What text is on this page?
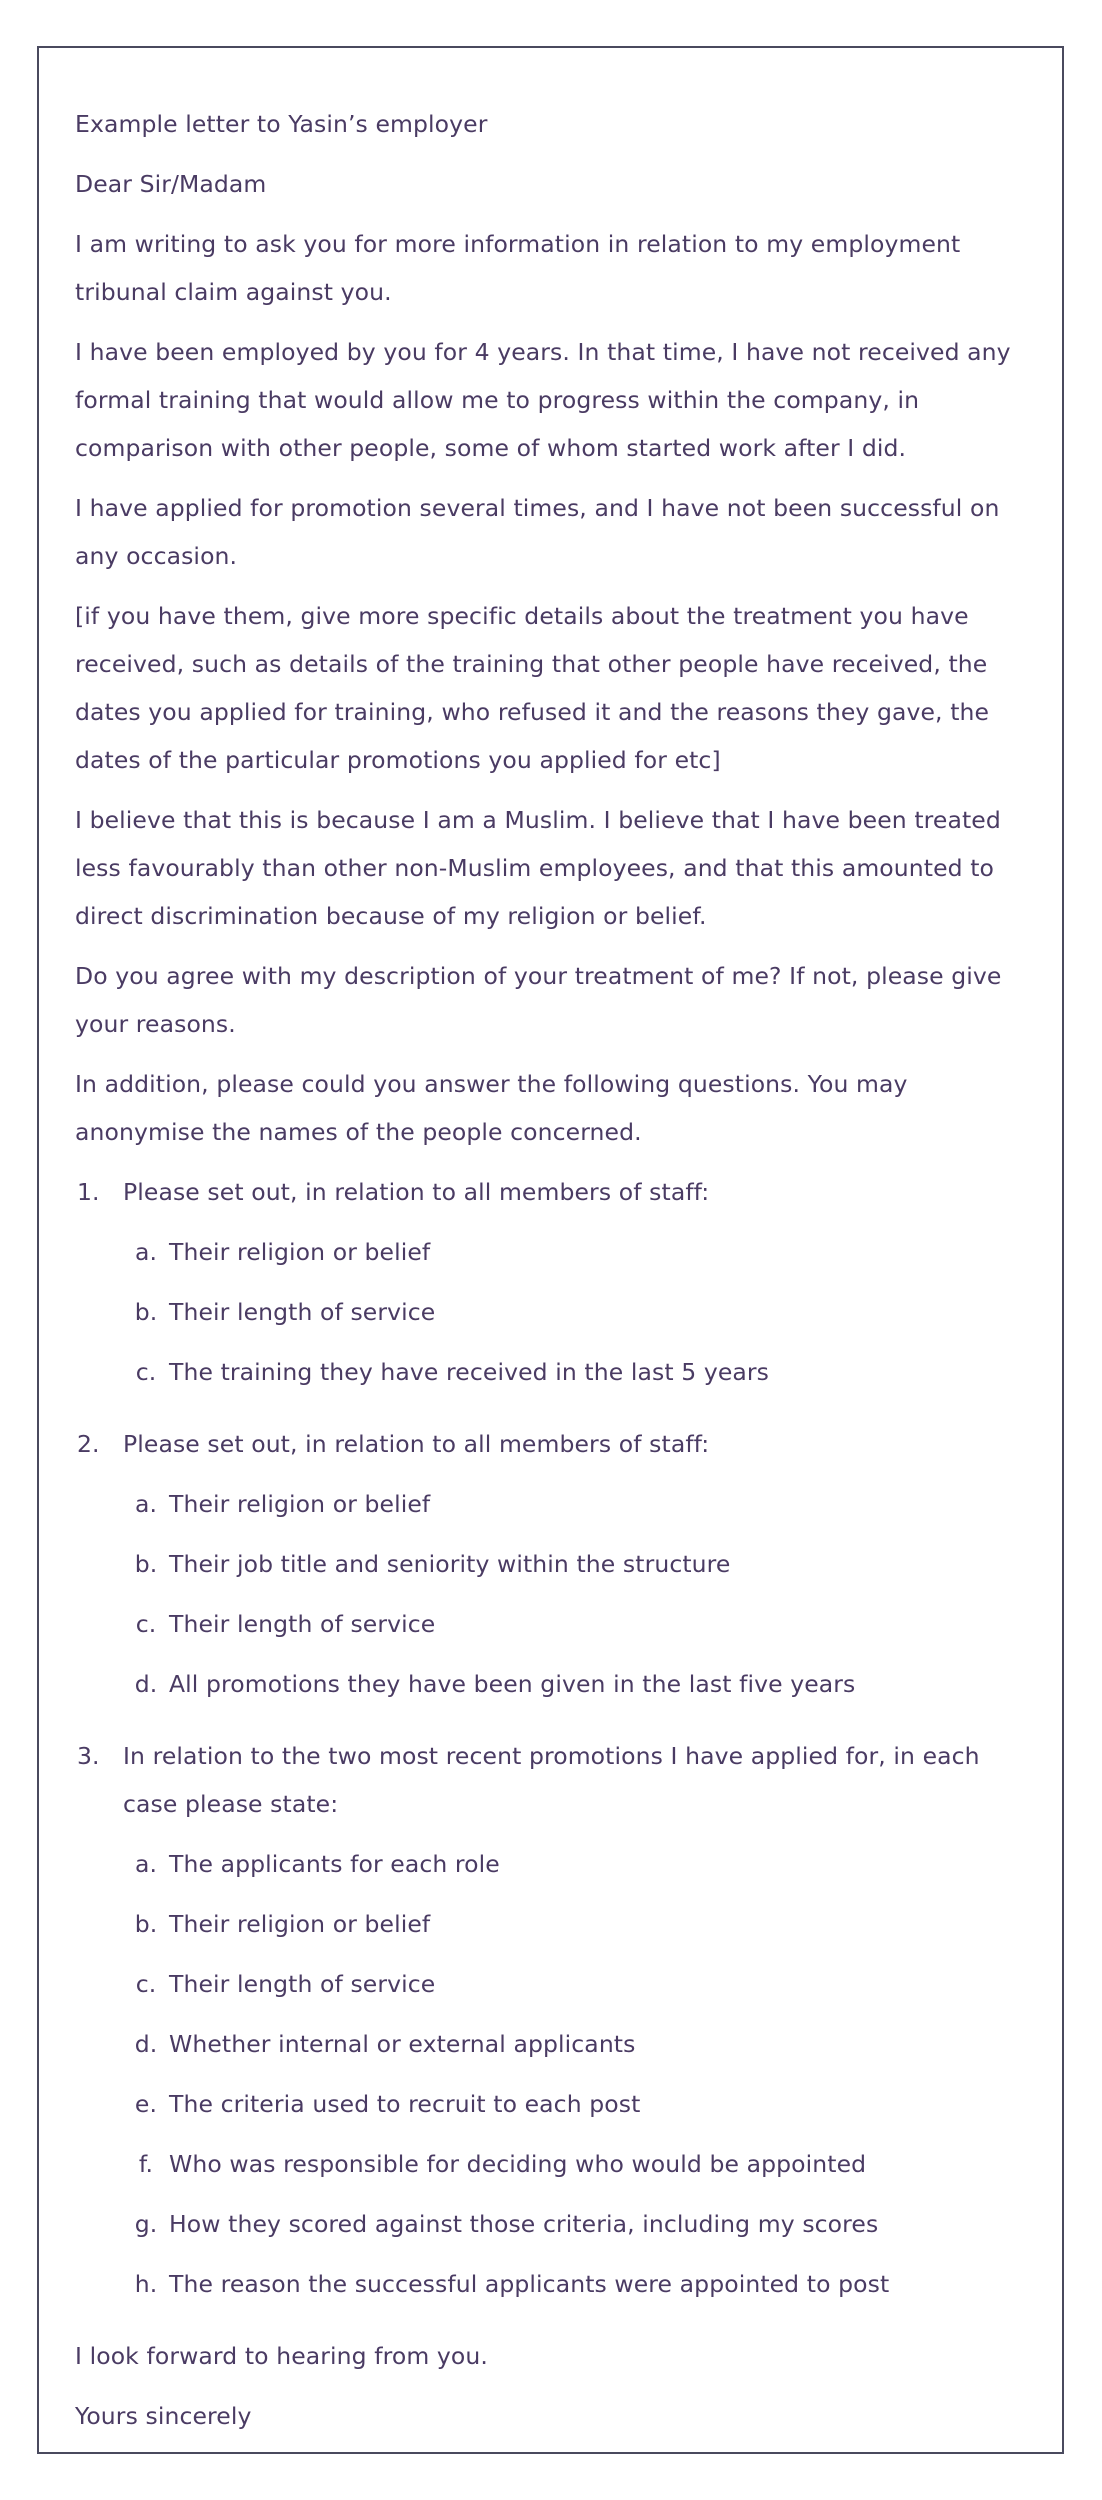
Example letter to Yasin’s employer

Dear Sir/Madam

I am writing to ask you for more information in relation to my employment tribunal claim against you.

I have been employed by you for 4 years. In that time, I have not received any formal training that would allow me to progress within the company, in comparison with other people, some of whom started work after I did.

I have applied for promotion several times, and I have not been successful on any occasion.

[if you have them, give more specific details about the treatment you have received, such as details of the training that other people have received, the dates you applied for training, who refused it and the reasons they gave, the dates of the particular promotions you applied for etc]

I believe that this is because I am a Muslim. I believe that I have been treated less favourably than other non-Muslim employees, and that this amounted to direct discrimination because of my religion or belief.

Do you agree with my description of your treatment of me? If not, please give your reasons.

In addition, please could you answer the following questions. You may anonymise the names of the people concerned.

1. Please set out, in relation to all members of staff:
a. Their religion or belief
b. Their length of service
c. The training they have received in the last 5 years
2. Please set out, in relation to all members of staff:
a. Their religion or belief
b. Their job title and seniority within the structure
c. Their length of service
d. All promotions they have been given in the last five years
3. In relation to the two most recent promotions I have applied for, in each case please state:
a. The applicants for each role
b. Their religion or belief
c. Their length of service
d. Whether internal or external applicants
e. The criteria used to recruit to each post
f. Who was responsible for deciding who would be appointed
g. How they scored against those criteria, including my scores
h. The reason the successful applicants were appointed to post

I look forward to hearing from you.

Yours sincerely
